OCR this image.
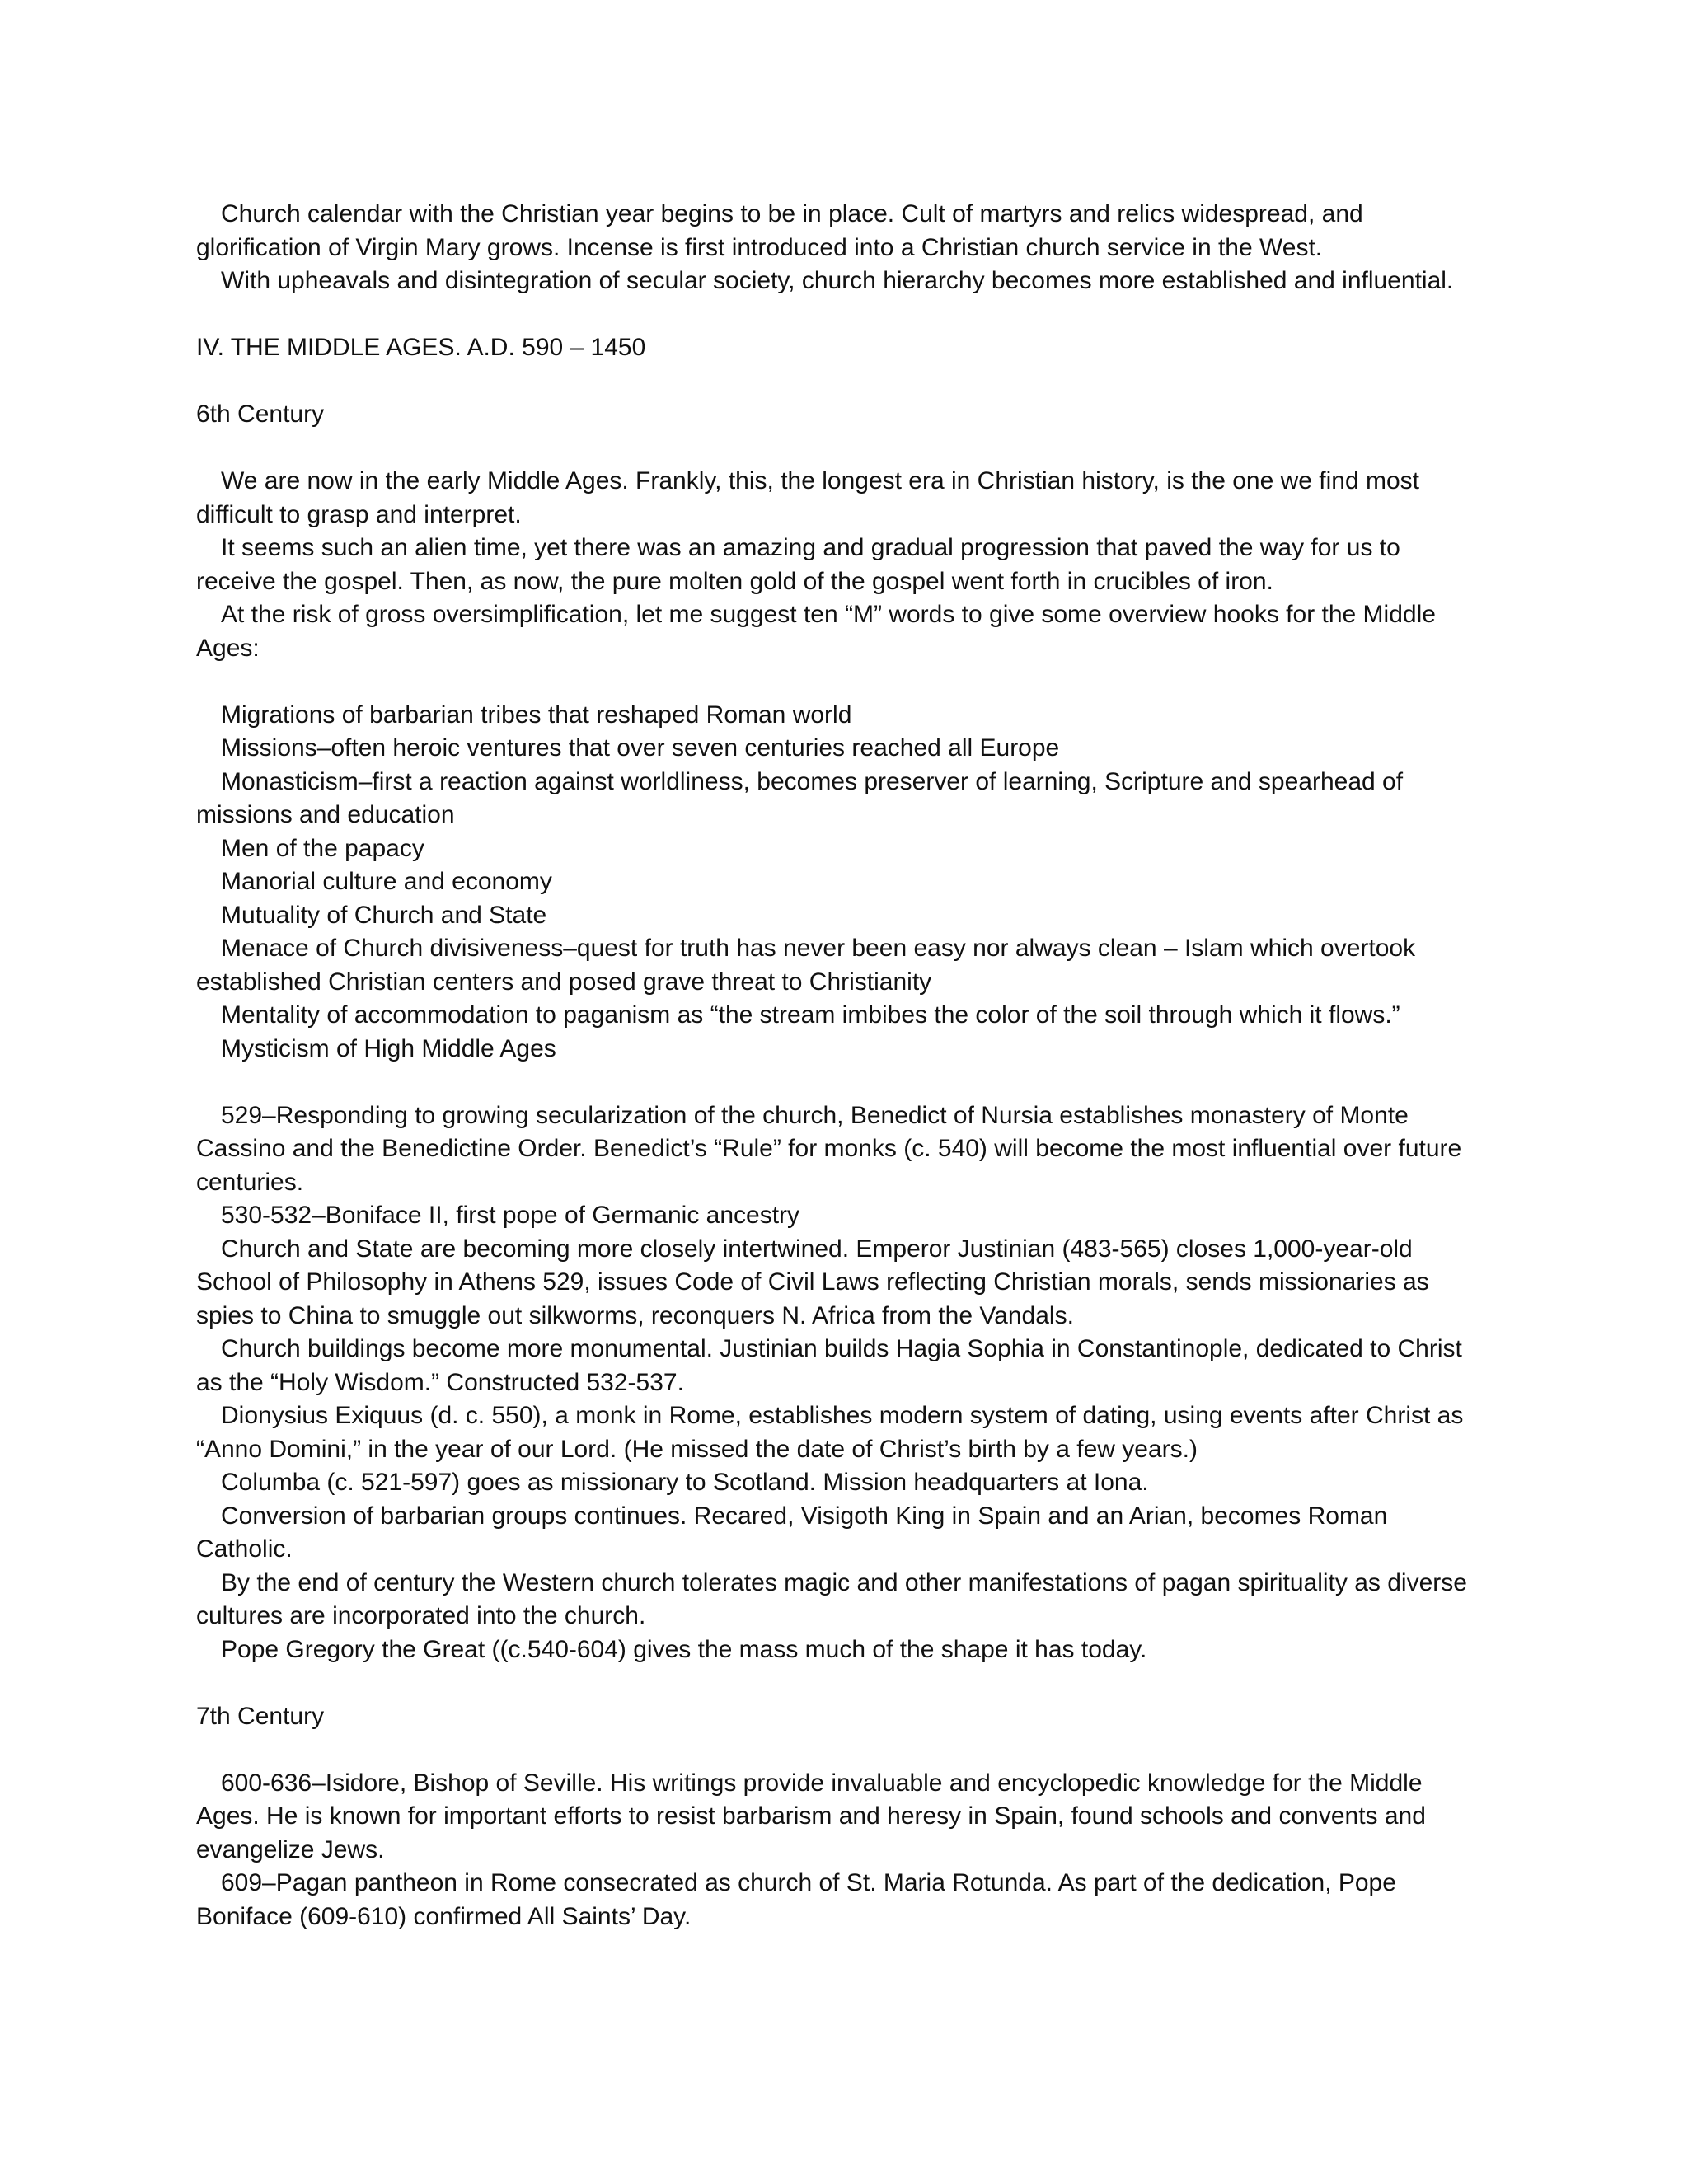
Church calendar with the Christian year begins to be in place. Cult of martyrs and relics widespread, and glorification of Virgin Mary grows. Incense is first introduced into a Christian church service in the West.

With upheavals and disintegration of secular society, church hierarchy becomes more established and influential.

IV. THE MIDDLE AGES. A.D. 590 – 1450

6th Century

We are now in the early Middle Ages. Frankly, this, the longest era in Christian history, is the one we find most difficult to grasp and interpret.

It seems such an alien time, yet there was an amazing and gradual progression that paved the way for us to receive the gospel. Then, as now, the pure molten gold of the gospel went forth in crucibles of iron.

At the risk of gross oversimplification, let me suggest ten “M” words to give some overview hooks for the Middle Ages:

Migrations of barbarian tribes that reshaped Roman world

Missions–often heroic ventures that over seven centuries reached all Europe

Monasticism–first a reaction against worldliness, becomes preserver of learning, Scripture and spearhead of missions and education

Men of the papacy

Manorial culture and economy

Mutuality of Church and State

Menace of Church divisiveness–quest for truth has never been easy nor always clean – Islam which overtook established Christian centers and posed grave threat to Christianity

Mentality of accommodation to paganism as “the stream imbibes the color of the soil through which it flows.”

Mysticism of High Middle Ages

529–Responding to growing secularization of the church, Benedict of Nursia establishes monastery of Monte Cassino and the Benedictine Order. Benedict’s “Rule” for monks (c. 540) will become the most influential over future centuries.

530-532–Boniface II, first pope of Germanic ancestry

Church and State are becoming more closely intertwined. Emperor Justinian (483-565) closes 1,000-year-old School of Philosophy in Athens 529, issues Code of Civil Laws reflecting Christian morals, sends missionaries as spies to China to smuggle out silkworms, reconquers N. Africa from the Vandals.

Church buildings become more monumental. Justinian builds Hagia Sophia in Constantinople, dedicated to Christ as the “Holy Wisdom.” Constructed 532-537.

Dionysius Exiquus (d. c. 550), a monk in Rome, establishes modern system of dating, using events after Christ as “Anno Domini,” in the year of our Lord. (He missed the date of Christ’s birth by a few years.)

Columba (c. 521-597) goes as missionary to Scotland. Mission headquarters at Iona.

Conversion of barbarian groups continues. Recared, Visigoth King in Spain and an Arian, becomes Roman Catholic.

By the end of century the Western church tolerates magic and other manifestations of pagan spirituality as diverse cultures are incorporated into the church.

Pope Gregory the Great ((c.540-604) gives the mass much of the shape it has today.

7th Century

600-636–Isidore, Bishop of Seville. His writings provide invaluable and encyclopedic knowledge for the Middle Ages. He is known for important efforts to resist barbarism and heresy in Spain, found schools and convents and evangelize Jews.

609–Pagan pantheon in Rome consecrated as church of St. Maria Rotunda. As part of the dedication, Pope Boniface (609-610) confirmed All Saints’ Day.
